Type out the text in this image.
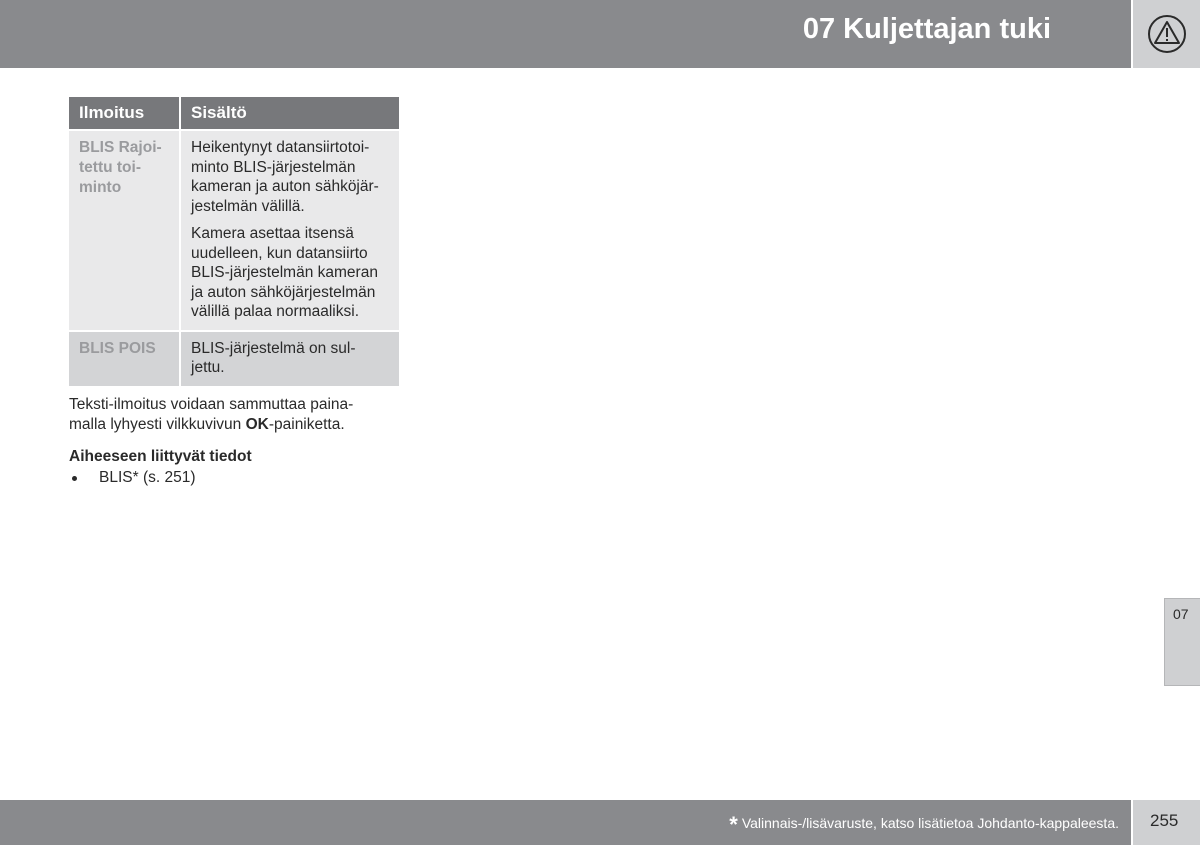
07 Kuljettajan tuki
Ilmoitus	Sisältö
BLIS Rajoi-
tettu toi-
minto

Heikentynyt datansiirtotoi-
minto BLIS-järjestelmän
kameran ja auton sähköjär-
jestelmän välillä.

Kamera asettaa itsensä
uudelleen, kun datansiirto
BLIS-järjestelmän kameran
ja auton sähköjärjestelmän
välillä palaa normaaliksi.

BLIS POIS	BLIS-järjestelmä on sul-
jettu.

Teksti-ilmoitus voidaan sammuttaa paina-
malla lyhyesti vilkkuvivun OK-painiketta.

Aiheeseen liittyvät tiedot

BLIS* (s. 251)
07
* Valinnais-/lisävaruste, katso lisätietoa Johdanto-kappaleesta. 255
